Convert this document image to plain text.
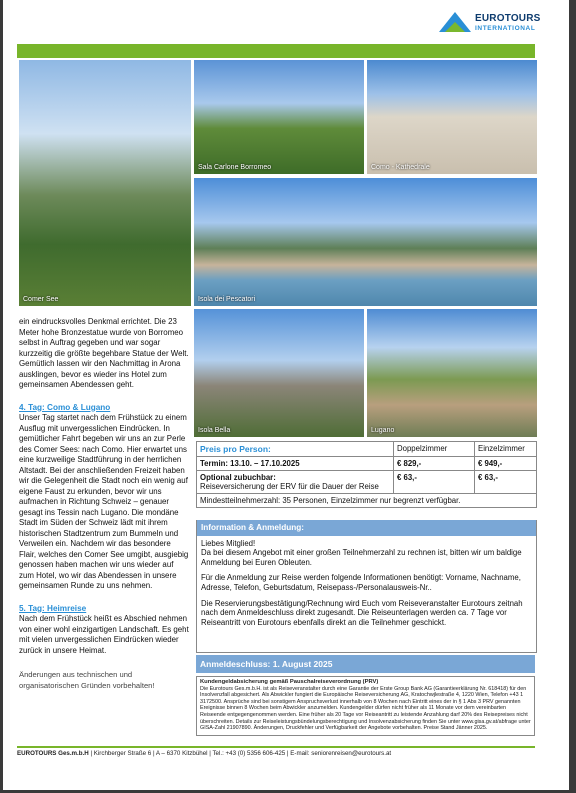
EUROTOURS
INTERNATIONAL
Comer See
Sala Carlone Borromeo	Como - Kathedrale
Isola dei Pescatori
Isola Bella	Lugano

ein eindrucksvolles Denkmal errichtet. Die 23 Meter hohe Bronzestatue wurde von Borromeo selbst in Auftrag gegeben und war sogar kurzzeitig die größte begehbare Statue der Welt. Gemütlich lassen wir den Nachmittag in Arona ausklingen, bevor es wieder ins Hotel zum gemeinsamen Abendessen geht.

4. Tag: Como & Lugano

Unser Tag startet nach dem Frühstück zu einem Ausflug mit unvergesslichen Eindrücken. In gemütlicher Fahrt begeben wir uns an zur Perle des Comer Sees: nach Como. Hier erwartet uns eine kurzweilige Stadtführung in der herrlichen Altstadt. Bei der anschließenden Freizeit haben wir die Gelegenheit die Stadt noch ein wenig auf eigene Faust zu erkunden, bevor wir uns aufmachen in Richtung Schweiz – genauer gesagt ins Tessin nach Lugano. Die mondäne Stadt im Süden der Schweiz lädt mit ihrem historischen Stadtzentrum zum Bummeln und Verweilen ein. Nachdem wir das besondere Flair, welches den Comer See umgibt, ausgiebig genossen haben machen wir uns wieder auf zum Hotel, wo wir das Abendessen in unsere gemeinsamen Runde zu uns nehmen.

5. Tag: Heimreise

Nach dem Frühstück heißt es Abschied nehmen von einer wohl einzigartigen Landschaft. Es geht mit vielen unvergesslichen Eindrücken wieder zurück in unsere Heimat.

Änderungen aus technischen und organisatorischen Gründen vorbehalten!

Preis pro Person:	Doppelzimmer	Einzelzimmer
Termin: 13.10. – 17.10.2025	€ 829,-	€ 949,-
Optional zubuchbar:
Reiseversicherung der ERV für die Dauer der Reise
€ 63,-	€ 63,-
Mindestteilnehmerzahl: 35 Personen, Einzelzimmer nur begrenzt verfügbar.
Information & Anmeldung:

Liebes Mitglied!
Da bei diesem Angebot mit einer großen Teilnehmerzahl zu rechnen ist, bitten wir um baldige Anmeldung bei Euren Obleuten.

Für die Anmeldung zur Reise werden folgende Informationen benötigt: Vorname, Nachname, Adresse, Telefon, Geburtsdatum, Reisepass-/Personalausweis-Nr..

Die Reservierungsbestätigung/Rechnung wird Euch vom Reiseveranstalter Eurotours zeitnah nach dem Anmeldeschluss direkt zugesandt. Die Reiseunterlagen werden ca. 7 Tage vor Reiseantritt von Eurotours ebenfalls direkt an die Teilnehmer geschickt.

Anmeldeschluss: 1. August 2025
Kundengeldabsicherung gemäß Pauschalreiseverordnung (PRV)
Die Eurotours Ges.m.b.H. ist als Reiseveranstalter durch eine Garantie der Erste Group Bank AG (Garantieerklärung Nr. 618418) für den Insolvenzfall abgesichert. Als Abwickler fungiert die Europäische Reiseversicherung AG, Kratochwjlestraße 4, 1220 Wien, Telefon +43 1 3172500. Ansprüche sind bei sonstigem Anspruchsverlust innerhalb von 8 Wochen nach Eintritt eines der in § 1 Abs 3 PRV genannten Ereignisse binnen 8 Wochen beim Abwickler anzumelden. Kundengelder dürfen nicht früher als 11 Monate vor dem vereinbarten Reiseende entgegengenommen werden. Eine früher als 20 Tage vor Reiseantritt zu leistende Anzahlung darf 20% des Reisepreises nicht überschreiten. Details zur Reiseleistungsbündelungsberechtigung und Insolvenzabsicherung finden Sie unter www.gisa.gv.at/abfrage unter GISA-Zahl 21907890. Änderungen, Druckfehler und Verfügbarkeit der Angebote vorbehalten. Preise Stand Jänner 2025.
EUROTOURS Ges.m.b.H | Kirchberger Straße 6 | A – 6370 Kitzbühel | Tel.: +43 (0) 5356 606-425 | E-mail: seniorenreisen@eurotours.at
